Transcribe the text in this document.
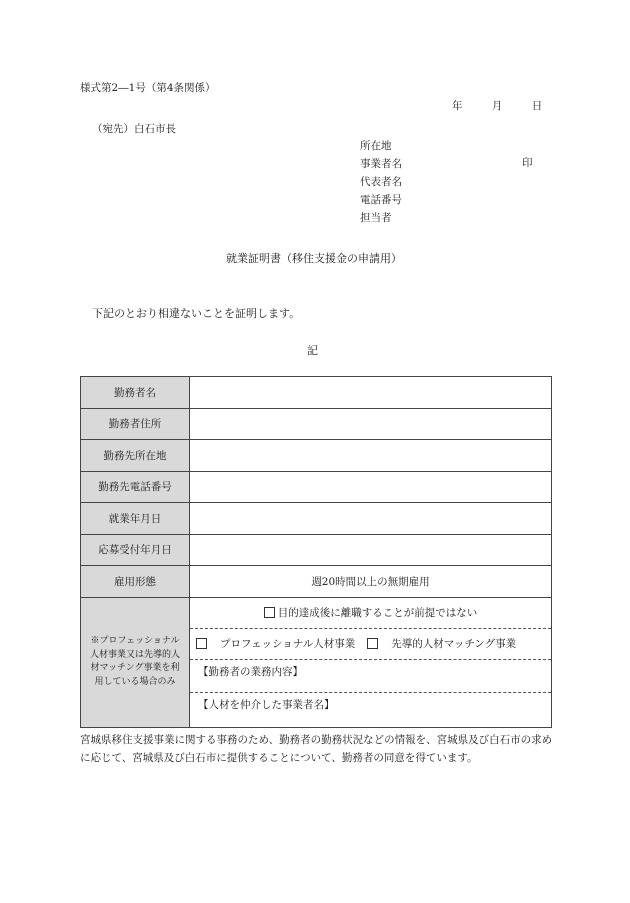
様式第2―1号（第4条関係）
年	月	日
（宛先）白石市長
所在地
事業者名
代表者名
電話番号
担当者
印
就業証明書（移住支援金の申請用）
下記のとおり相違ないことを証明します。
記
勤務者名
勤務者住所
勤務先所在地
勤務先電話番号
就業年月日
応募受付年月日
雇用形態	週20時間以上の無期雇用
※プロフェッショナル人材事業又は先導的人材マッチング事業を利用している場合のみ
目的達成後に離職することが前提ではない
プロフェッショナル人材事業	先導的人材マッチング事業
【勤務者の業務内容】
【人材を仲介した事業者名】
宮城県移住支援事業に関する事務のため、勤務者の勤務状況などの情報を、宮城県及び白石市の求めに応じて、宮城県及び白石市に提供することについて、勤務者の同意を得ています。
